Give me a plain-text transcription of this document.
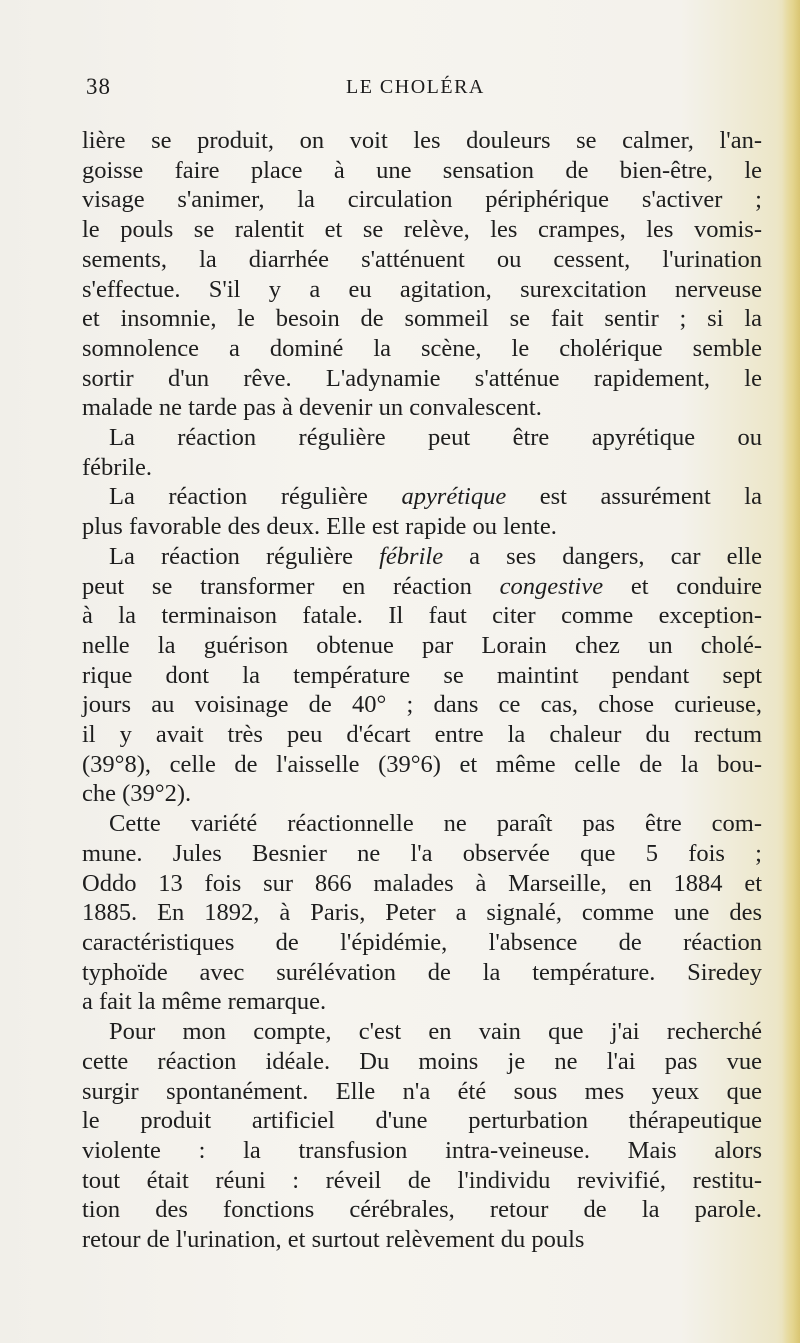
38	LE CHOLÉRA
lière se produit, on voit les douleurs se calmer, l'an-
goisse faire place à une sensation de bien-être, le
visage s'animer, la circulation périphérique s'activer ;
le pouls se ralentit et se relève, les crampes, les vomis-
sements, la diarrhée s'atténuent ou cessent, l'urination
s'effectue. S'il y a eu agitation, surexcitation nerveuse
et insomnie, le besoin de sommeil se fait sentir ; si la
somnolence a dominé la scène, le cholérique semble
sortir d'un rêve. L'adynamie s'atténue rapidement, le
malade ne tarde pas à devenir un convalescent.
La réaction régulière peut être apyrétique ou
fébrile.
La réaction régulière apyrétique est assurément la
plus favorable des deux. Elle est rapide ou lente.
La réaction régulière fébrile a ses dangers, car elle
peut se transformer en réaction congestive et conduire
à la terminaison fatale. Il faut citer comme exception-
nelle la guérison obtenue par Lorain chez un cholé-
rique dont la température se maintint pendant sept
jours au voisinage de 40° ; dans ce cas, chose curieuse,
il y avait très peu d'écart entre la chaleur du rectum
(39°8), celle de l'aisselle (39°6) et même celle de la bou-
che (39°2).
Cette variété réactionnelle ne paraît pas être com-
mune. Jules Besnier ne l'a observée que 5 fois ;
Oddo 13 fois sur 866 malades à Marseille, en 1884 et
1885. En 1892, à Paris, Peter a signalé, comme une des
caractéristiques de l'épidémie, l'absence de réaction
typhoïde avec surélévation de la température. Siredey
a fait la même remarque.
Pour mon compte, c'est en vain que j'ai recherché
cette réaction idéale. Du moins je ne l'ai pas vue
surgir spontanément. Elle n'a été sous mes yeux que
le produit artificiel d'une perturbation thérapeutique
violente : la transfusion intra-veineuse. Mais alors
tout était réuni : réveil de l'individu revivifié, restitu-
tion des fonctions cérébrales, retour de la parole.
retour de l'urination, et surtout relèvement du pouls
